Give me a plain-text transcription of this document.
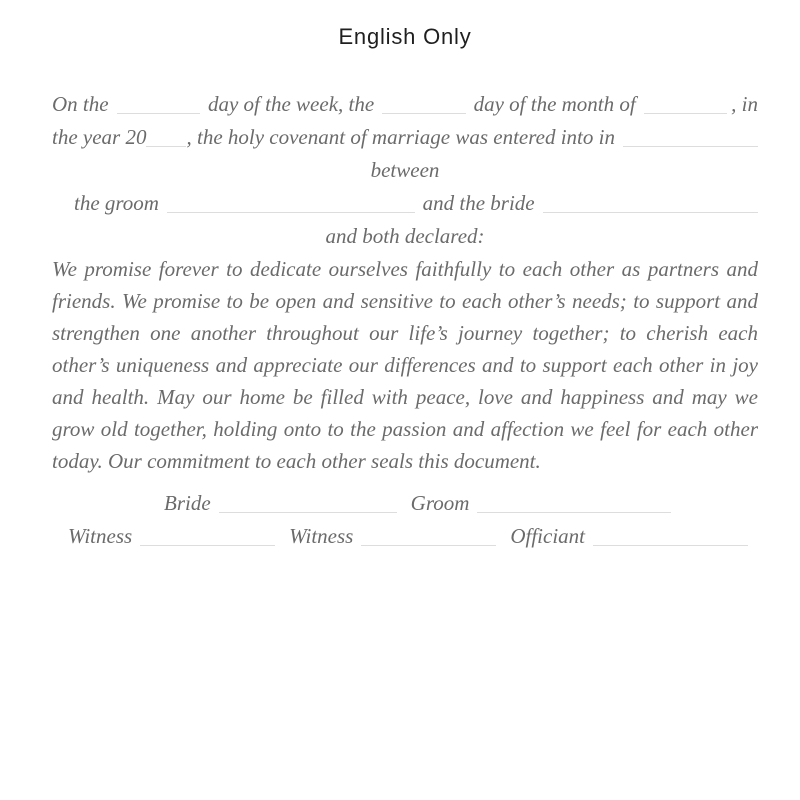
English Only
On the	day of the week, the	day of the month of	, in
the year 20 , the holy covenant of marriage was entered into in
between
the groom	and the bride
and both declared:

We promise forever to dedicate ourselves faithfully to each other as partners and friends. We promise to be open and sensitive to each other’s needs; to support and strengthen one another throughout our life’s journey together; to cherish each other’s uniqueness and appreciate our differences and to support each other in joy and health. May our home be filled with peace, love and happiness and may we grow old together, holding onto to the passion and affection we feel for each other today. Our commitment to each other seals this document.

Bride	Groom
Witness	Witness	Officiant
